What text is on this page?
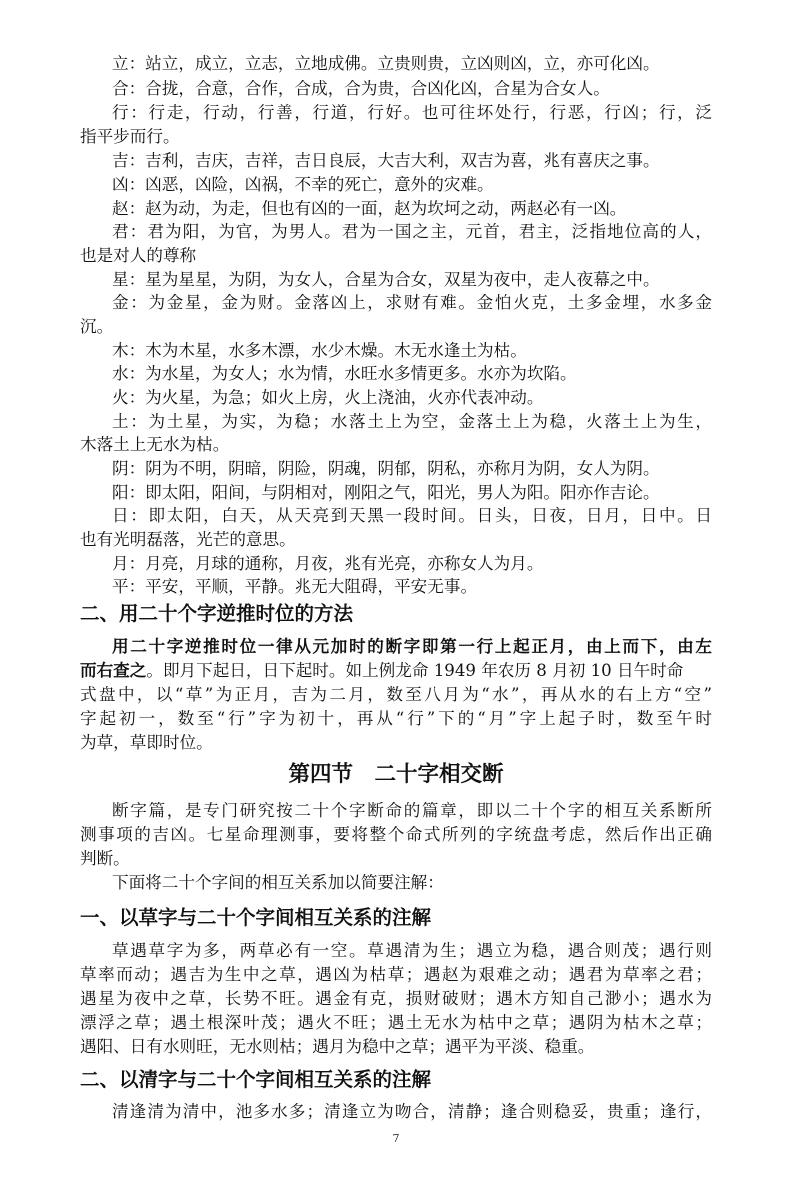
立：站立，成立，立志，立地成佛。立贵则贵，立凶则凶，立，亦可化凶。
合：合拢，合意，合作，合成，合为贵，合凶化凶，合星为合女人。
行：行走，行动，行善，行道，行好。也可往坏处行，行恶，行凶；行，泛
指平步而行。
吉：吉利，吉庆，吉祥，吉日良辰，大吉大利，双吉为喜，兆有喜庆之事。
凶：凶恶，凶险，凶祸，不幸的死亡，意外的灾难。
赵：赵为动，为走，但也有凶的一面，赵为坎坷之动，两赵必有一凶。
君：君为阳，为官，为男人。君为一国之主，元首，君主，泛指地位高的人，
也是对人的尊称
星：星为星星，为阴，为女人，合星为合女，双星为夜中，走人夜幕之中。
金：为金星，金为财。金落凶上，求财有难。金怕火克，土多金埋，水多金
沉。
木：木为木星，水多木漂，水少木燥。木无水逢土为枯。
水：为水星，为女人；水为情，水旺水多情更多。水亦为坎陷。
火：为火星，为急；如火上房，火上浇油，火亦代表冲动。
土：为土星，为实，为稳；水落土上为空，金落土上为稳，火落土上为生，
木落土上无水为枯。
阴：阴为不明，阴暗，阴险，阴魂，阴郁，阴私，亦称月为阴，女人为阴。
阳：即太阳，阳间，与阴相对，刚阳之气，阳光，男人为阳。阳亦作吉论。
日：即太阳，白天，从天亮到天黑一段时间。日头，日夜，日月，日中。日
也有光明磊落，光芒的意思。
月：月亮，月球的通称，月夜，兆有光亮，亦称女人为月。
平：平安，平顺，平静。兆无大阻碍，平安无事。
二、用二十个字逆推时位的方法
用二十字逆推时位一律从元加时的断字即第一行上起正月，由上而下，由左
而右查之。即月下起日，日下起时。如上例龙命 1949 年农历 8 月初 10 日午时命
式盘中，以“草”为正月，吉为二月，数至八月为“水”，再从水的右上方“空”
字起初一，数至“行”字为初十，再从“行”下的“月”字上起子时，数至午时
为草，草即时位。
第四节　二十字相交断
断字篇，是专门研究按二十个字断命的篇章，即以二十个字的相互关系断所
测事项的吉凶。七星命理测事，要将整个命式所列的字统盘考虑，然后作出正确
判断。
下面将二十个字间的相互关系加以简要注解：
一、以草字与二十个字间相互关系的注解
草遇草字为多，两草必有一空。草遇清为生；遇立为稳，遇合则茂；遇行则
草率而动；遇吉为生中之草，遇凶为枯草；遇赵为艰难之动；遇君为草率之君；
遇星为夜中之草，长势不旺。遇金有克，损财破财；遇木方知自己渺小；遇水为
漂浮之草；遇土根深叶茂；遇火不旺；遇土无水为枯中之草；遇阴为枯木之草；
遇阳、日有水则旺，无水则枯；遇月为稳中之草；遇平为平淡、稳重。
二、以清字与二十个字间相互关系的注解
清逢清为清中，池多水多；清逢立为吻合，清静；逢合则稳妥，贵重；逢行，
7
